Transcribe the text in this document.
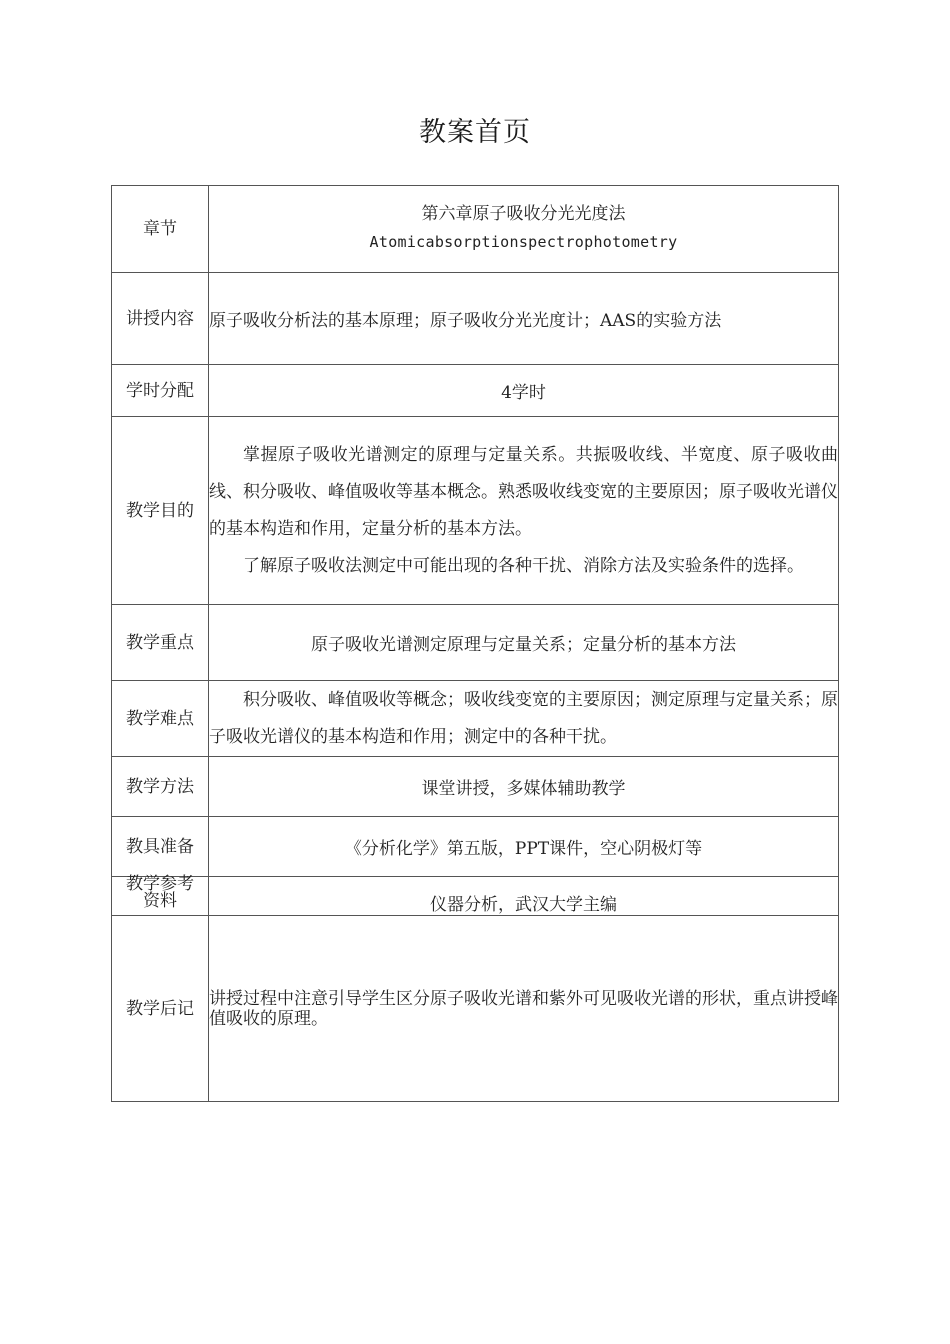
教案首页
章节	第六章原子吸收分光光度法
Atomicabsorptionspectrophotometry

讲授内容	原子吸收分析法的基本原理；原子吸收分光光度计；AAS的实验方法
学时分配	4学时
教学目的	掌握原子吸收光谱测定的原理与定量关系。共振吸收线、半宽度、原子吸收曲线、积分吸收、峰值吸收等基本概念。熟悉吸收线变宽的主要原因；原子吸收光谱仪的基本构造和作用，定量分析的基本方法。
了解原子吸收法测定中可能出现的各种干扰、消除方法及实验条件的选择。

教学重点	原子吸收光谱测定原理与定量关系；定量分析的基本方法
教学难点	积分吸收、峰值吸收等概念；吸收线变宽的主要原因；测定原理与定量关系；原子吸收光谱仪的基本构造和作用；测定中的各种干扰。

教学方法	课堂讲授，多媒体辅助教学
教具准备	《分析化学》第五版，PPT课件，空心阴极灯等

教学参考
资料	仪器分析，武汉大学主编

教学后记	讲授过程中注意引导学生区分原子吸收光谱和紫外可见吸收光谱的形状，重点讲授峰值吸收的原理。
